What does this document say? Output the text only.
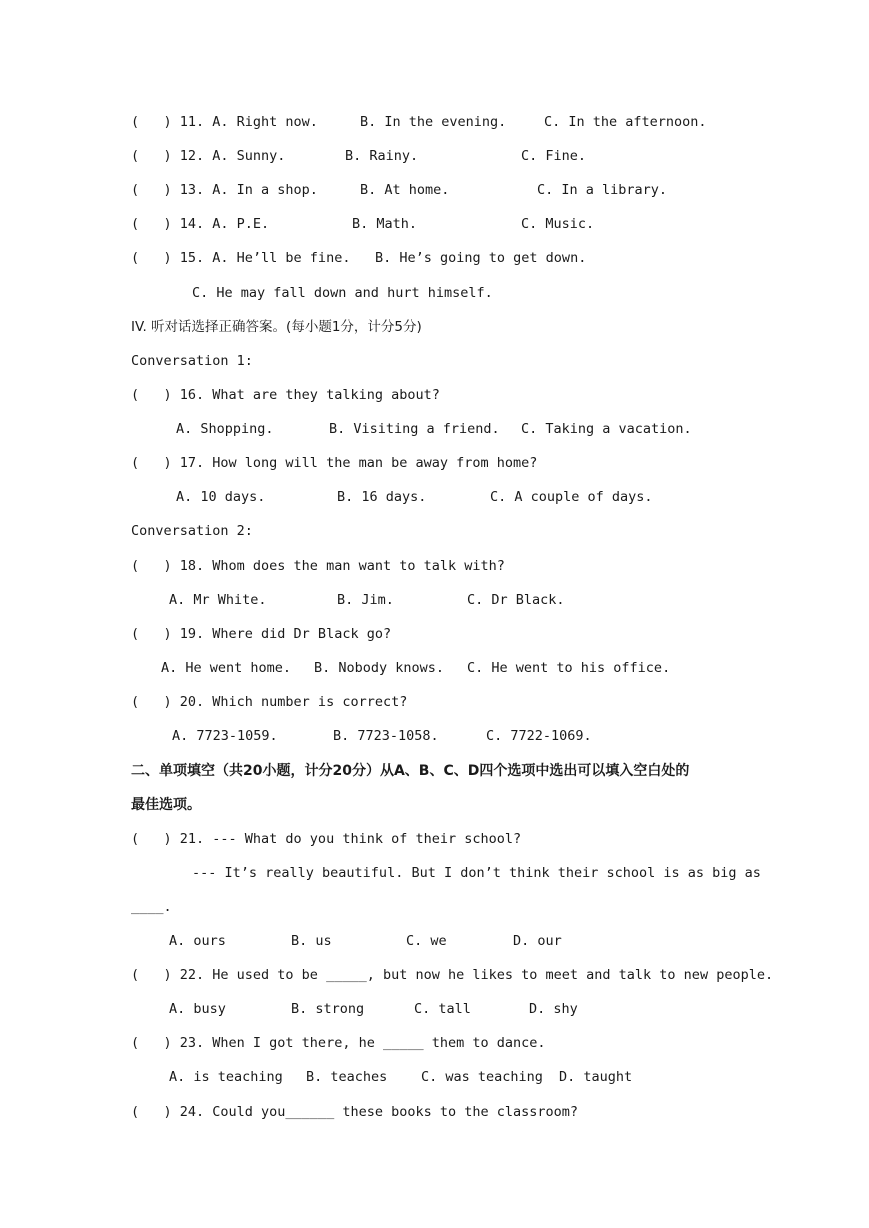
(   ) 11. A. Right now.	B. In the evening.	C. In the afternoon.
(   ) 12. A. Sunny.	B. Rainy.	C. Fine.
(   ) 13. A. In a shop.	B. At home.	C. In a library.
(   ) 14. A. P.E.	B. Math.	C. Music.
(   ) 15. A. He’ll be fine. B. He’s going to get down.
C. He may fall down and hurt himself.
IV. 听对话选择正确答案。(每小题1分，计分5分)
Conversation 1:
(   ) 16. What are they talking about?
A. Shopping.	B. Visiting a friend. C. Taking a vacation.
(   ) 17. How long will the man be away from home?
A. 10 days.	B. 16 days.	C. A couple of days.
Conversation 2:
(   ) 18. Whom does the man want to talk with?
A. Mr White.	B. Jim.	C. Dr Black.
(   ) 19. Where did Dr Black go?
A. He went home. B. Nobody knows. C. He went to his office.
(   ) 20. Which number is correct?
A. 7723-1059.	B. 7723-1058.	C. 7722-1069.
二、单项填空（共20小题，计分20分）从A、B、C、D四个选项中选出可以填入空白处的
最佳选项。
(   ) 21. --- What do you think of their school?
--- It’s really beautiful. But I don’t think their school is as big as
____.
A. ours	B. us	C. we	D. our
(   ) 22. He used to be _____, but now he likes to meet and talk to new people.
A. busy	B. strong	C. tall	D. shy
(   ) 23. When I got there, he _____ them to dance.
A. is teaching B. teaches C. was teaching D. taught
(   ) 24. Could you______ these books to the classroom?
